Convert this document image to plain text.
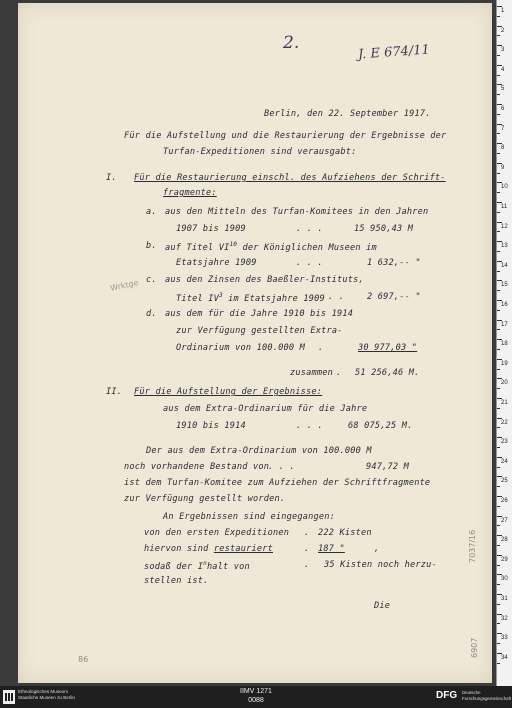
2.	J. E 674/11
Wrktge
7037/16
6907
86
Berlin, den 22. September 1917.
Für die Aufstellung und die Restaurierung der Ergebnisse der
Turfan-Expeditionen sind verausgabt:
I. Für die Restaurierung einschl. des Aufziehens der Schrift-
fragmente:
a. aus den Mitteln des Turfan-Komitees in den Jahren
1907 bis 1909	. . .	15 950,43 M
b. auf Titel VI$^{10}$ der Königlichen Museen im
Etatsjahre 1909	. . .	1 632,-- "
c. aus den Zinsen des Baeßler-Instituts,
Titel $IV^3$ im Etatsjahre 1909 . .	2 697,-- "
d. aus dem für die Jahre 1910 bis 1914
zur Verfügung gestellten Extra-
Ordinarium von 100.000 M .	30 977,03 "
zusammen . 51 256,46 M.
II. Für die Aufstellung der Ergebnisse:
aus dem Extra-Ordinarium für die Jahre
1910 bis 1914	. . .	68 075,25 M.
Der aus dem Extra-Ordinarium von 100.000 M
noch vorhandene Bestand von
. . .	947,72 M
ist dem Turfan-Komitee zum Aufziehen der Schriftfragmente
zur Verfügung gestellt worden.
An Ergebnissen sind eingegangen:
von den ersten Expeditionen . 222 Kisten
hiervon sind restauriert	. 187 "	,
sodaß der $I^nhalt$ von	. 35 Kisten noch herzu-
stellen ist.
Die
1
2
3
4
5
6
7
8
9
10
11
12
13
14
15
16
17
18
19
20
21
22
23
24
25
26
27
28
29
30
31
32
33
34
Ethnologisches Museum
Staatliche Museen zu Berlin
IIMV 1271
0088	DFG Deutsche
Forschungsgemeinschaft
